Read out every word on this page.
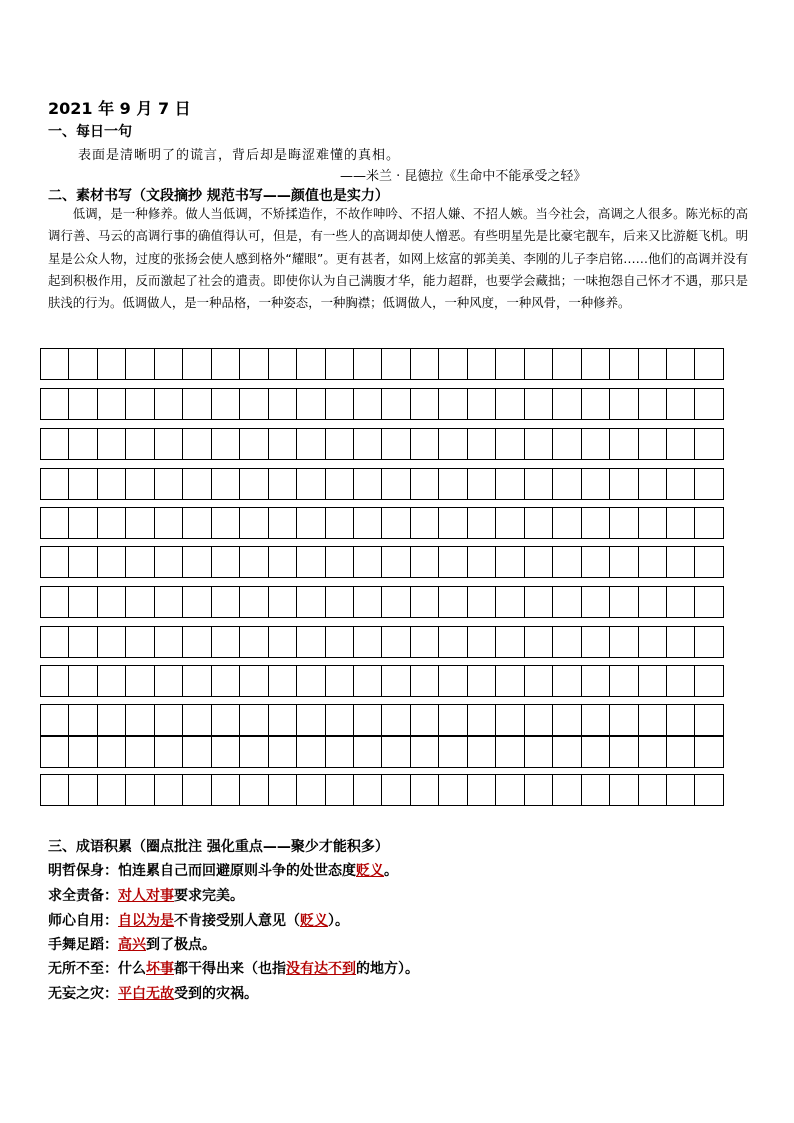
2021 年 9 月 7 日
一、每日一句
表面是清晰明了的谎言，背后却是晦涩难懂的真相。
——米兰 · 昆德拉《生命中不能承受之轻》
二、素材书写（文段摘抄 规范书写——颜值也是实力）
低调，是一种修养。做人当低调，不矫揉造作，不故作呻吟、不招人嫌、不招人嫉。当今社会，高调之人很多。陈光标的高调行善、马云的高调行事的确值得认可，但是，有一些人的高调却使人憎恶。有些明星先是比豪宅靓车，后来又比游艇飞机。明星是公众人物，过度的张扬会使人感到格外“耀眼”。更有甚者，如网上炫富的郭美美、李刚的儿子李启铭……他们的高调并没有起到积极作用，反而激起了社会的遣责。即使你认为自己满腹才华，能力超群，也要学会藏拙；一味抱怨自己怀才不遇，那只是肤浅的行为。低调做人，是一种品格，一种姿态，一种胸襟；低调做人，一种风度，一种风骨，一种修养。
三、成语积累（圈点批注 强化重点——聚少才能积多）
明哲保身：怕连累自己而回避原则斗争的处世态度贬义。
求全责备：对人对事要求完美。
师心自用：自以为是不肯接受别人意见（贬义）。
手舞足蹈：高兴到了极点。
无所不至：什么坏事都干得出来（也指没有达不到的地方）。
无妄之灾：平白无故受到的灾祸。
